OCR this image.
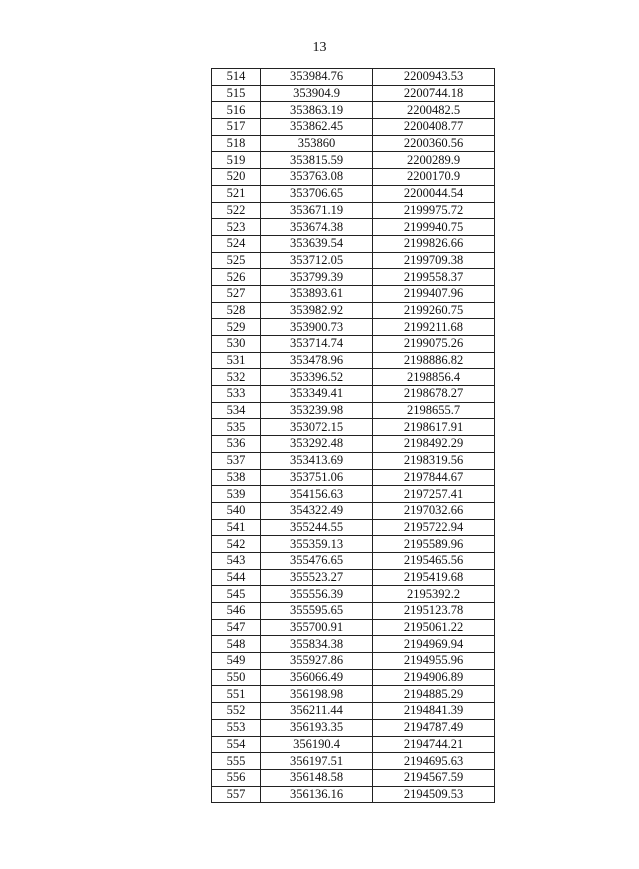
13
514	353984.76	2200943.53
515	353904.9	2200744.18
516	353863.19	2200482.5
517	353862.45	2200408.77
518	353860	2200360.56
519	353815.59	2200289.9
520	353763.08	2200170.9
521	353706.65	2200044.54
522	353671.19	2199975.72
523	353674.38	2199940.75
524	353639.54	2199826.66
525	353712.05	2199709.38
526	353799.39	2199558.37
527	353893.61	2199407.96
528	353982.92	2199260.75
529	353900.73	2199211.68
530	353714.74	2199075.26
531	353478.96	2198886.82
532	353396.52	2198856.4
533	353349.41	2198678.27
534	353239.98	2198655.7
535	353072.15	2198617.91
536	353292.48	2198492.29
537	353413.69	2198319.56
538	353751.06	2197844.67
539	354156.63	2197257.41
540	354322.49	2197032.66
541	355244.55	2195722.94
542	355359.13	2195589.96
543	355476.65	2195465.56
544	355523.27	2195419.68
545	355556.39	2195392.2
546	355595.65	2195123.78
547	355700.91	2195061.22
548	355834.38	2194969.94
549	355927.86	2194955.96
550	356066.49	2194906.89
551	356198.98	2194885.29
552	356211.44	2194841.39
553	356193.35	2194787.49
554	356190.4	2194744.21
555	356197.51	2194695.63
556	356148.58	2194567.59
557	356136.16	2194509.53
